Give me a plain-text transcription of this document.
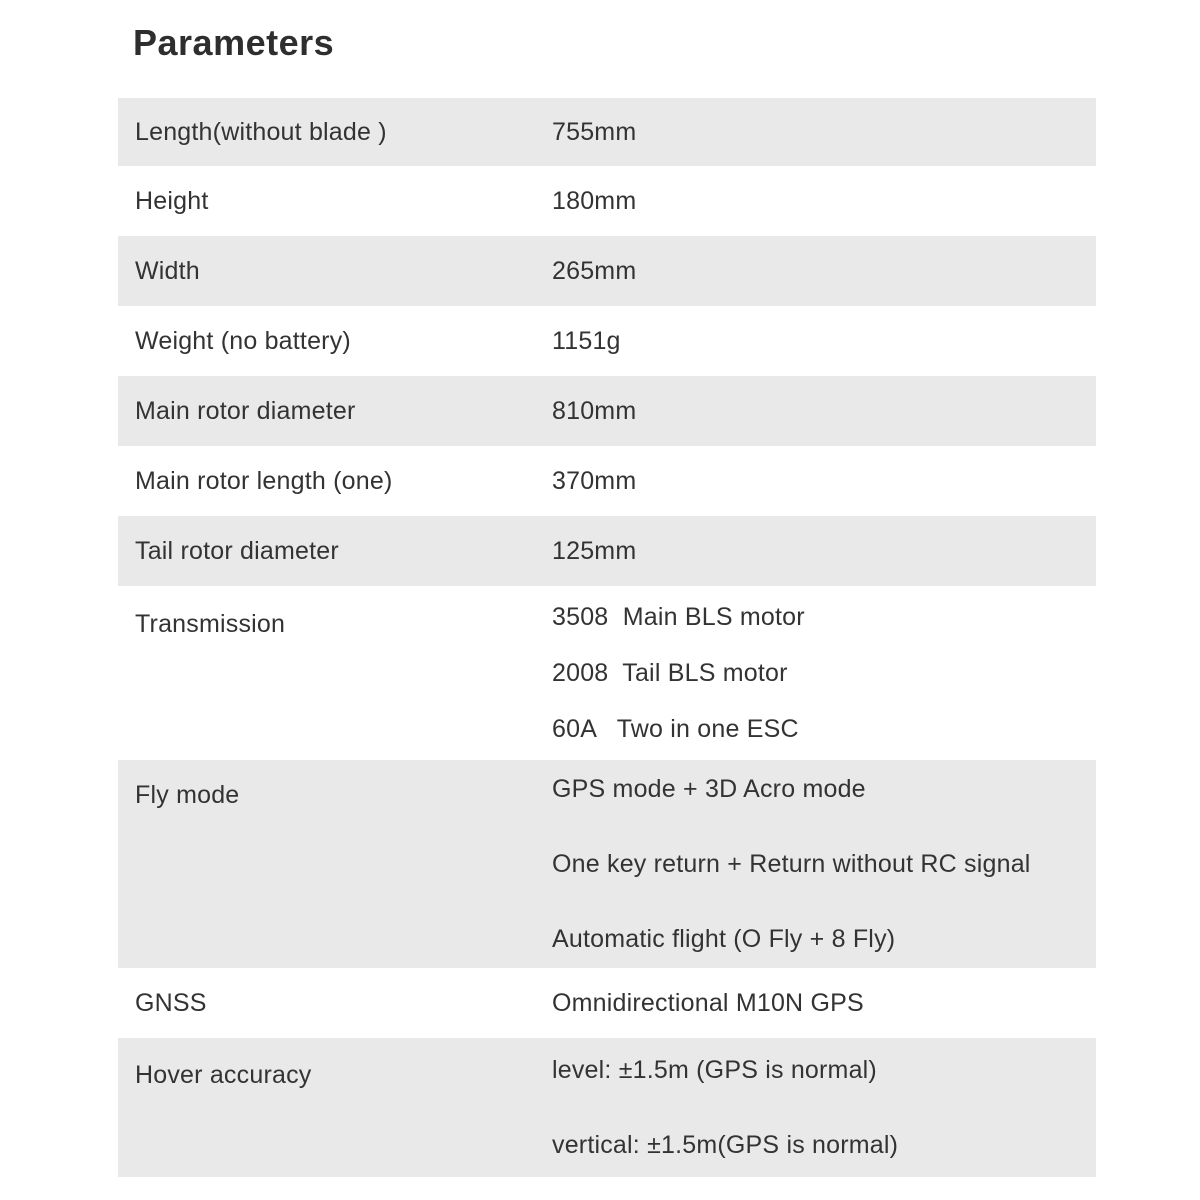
Parameters
Length(without blade )	755mm
Height	180mm
Width	265mm
Weight (no battery)	1151g
Main rotor diameter	810mm
Main rotor length (one)	370mm
Tail rotor diameter	125mm
Transmission	3508  Main BLS motor
2008  Tail BLS motor
60A   Two in one ESC
Fly mode	GPS mode + 3D Acro mode
One key return + Return without RC signal
Automatic flight (O Fly + 8 Fly)
GNSS	Omnidirectional M10N GPS
Hover accuracy	level: ±1.5m (GPS is normal)
vertical: ±1.5m(GPS is normal)
